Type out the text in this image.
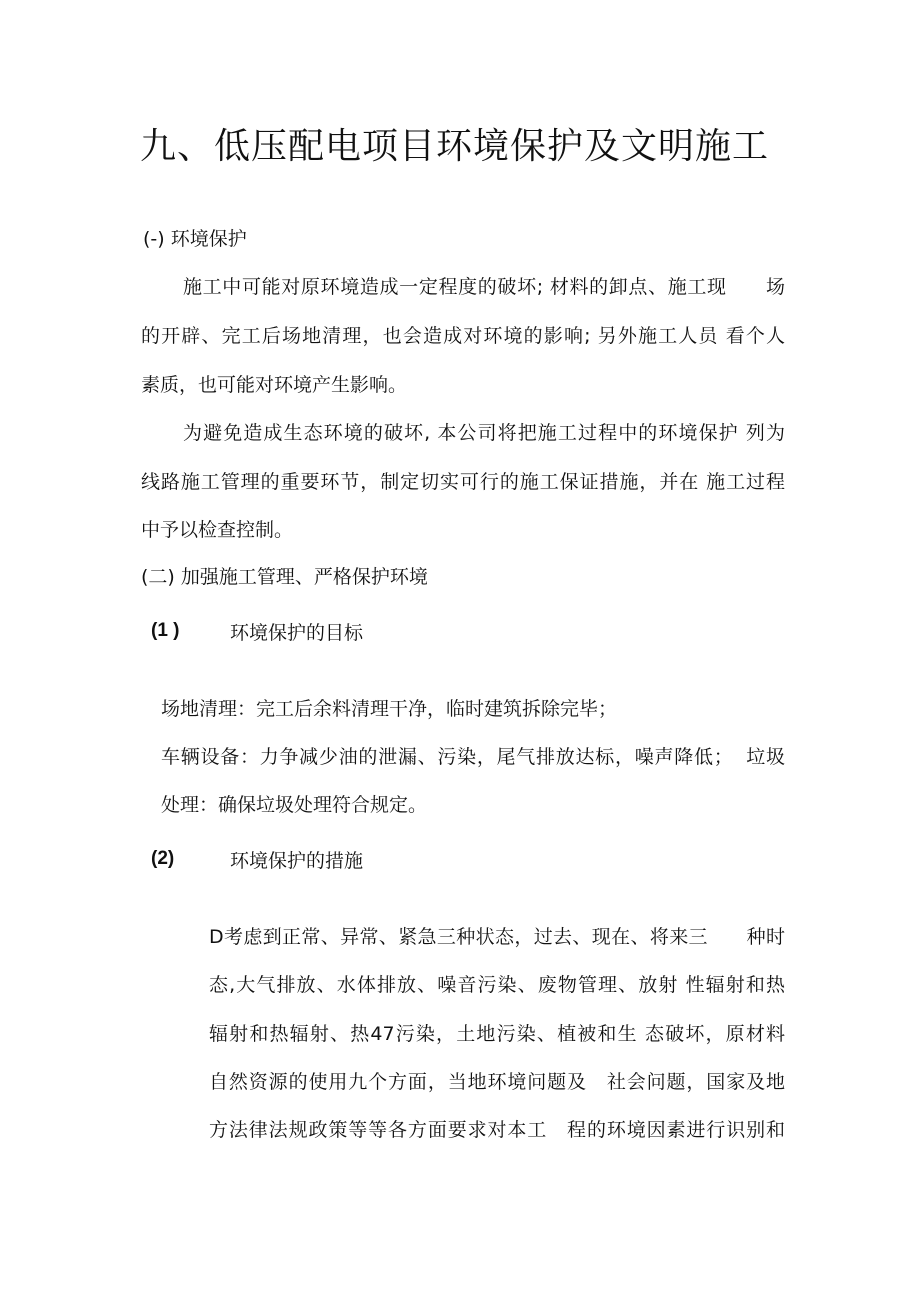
九、低压配电项目环境保护及文明施工
(-) 环境保护
施工中可能对原环境造成一定程度的破坏; 材料的卸点、施工现　　场
的开辟、完工后场地清理，也会造成对环境的影响; 另外施工人员 看个人
素质，也可能对环境产生影响。
为避免造成生态环境的破坏, 本公司将把施工过程中的环境保护 列为
线路施工管理的重要环节，制定切实可行的施工保证措施，并在 施工过程
中予以检查控制。
(二) 加强施工管理、严格保护环境
(1 )	环境保护的目标
场地清理：完工后余料清理干净，临时建筑拆除完毕；
车辆设备：力争减少油的泄漏、污染，尾气排放达标，噪声降低；  垃圾
处理：确保垃圾处理符合规定。
(2)	环境保护的措施
D考虑到正常、异常、紧急三种状态，过去、现在、将来三　　种时
态,大气排放、水体排放、噪音污染、废物管理、放射 性辐射和热
辐射和热辐射、热47污染，土地污染、植被和生 态破坏，原材料
自然资源的使用九个方面，当地环境问题及　社会问题，国家及地
方法律法规政策等等各方面要求对本工　程的环境因素进行识别和
